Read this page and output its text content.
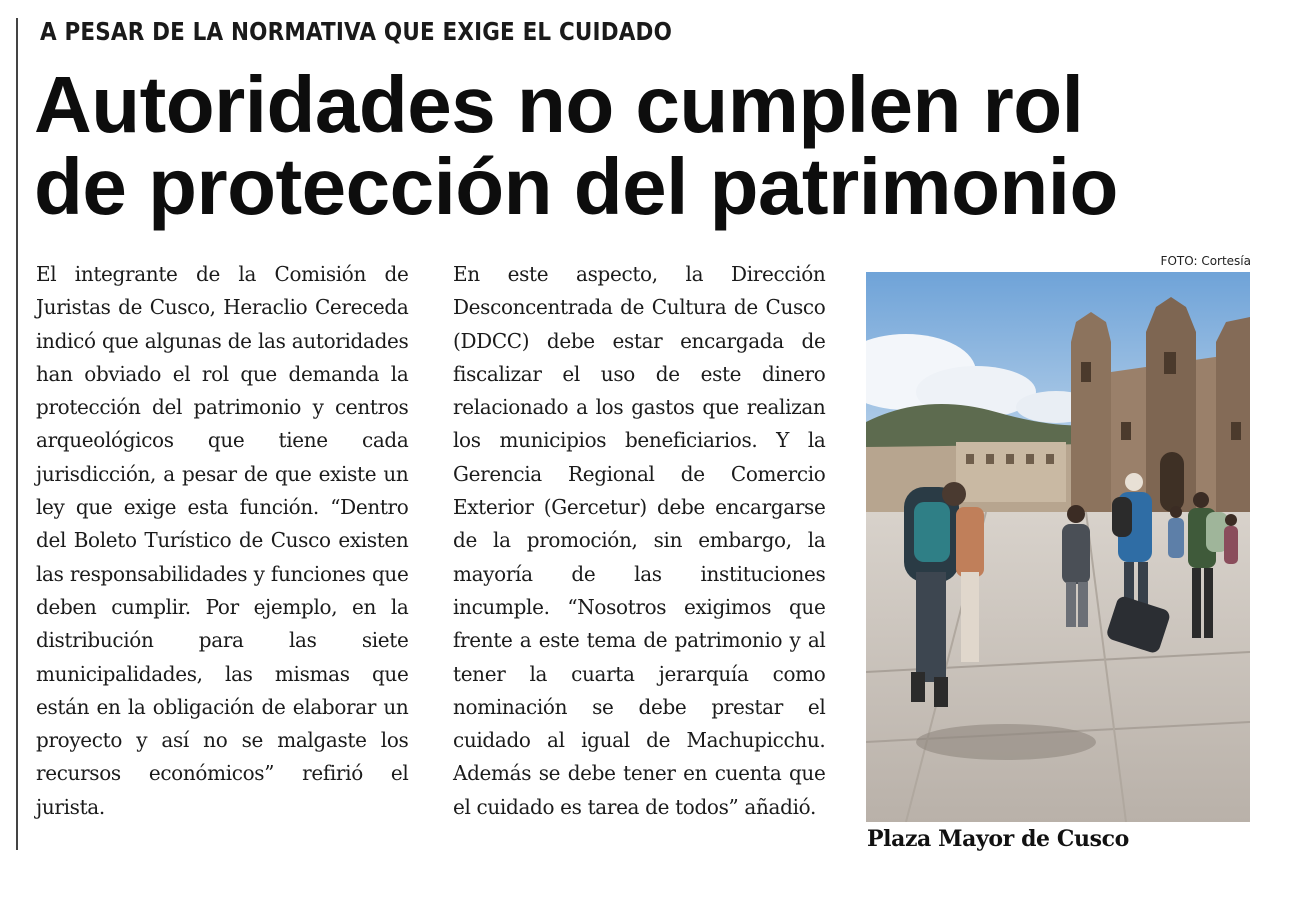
A PESAR DE LA NORMATIVA QUE EXIGE EL CUIDADO
Autoridades no cumplen rol
de protección del patrimonio

El integrante de la Comisión de Juristas de Cusco, Heraclio Cereceda indicó que algunas de las autoridades han obviado el rol que demanda la protección del patrimonio y centros arqueológicos que tiene cada jurisdicción, a pesar de que existe un ley que exige esta función. “Dentro del Boleto Turístico de Cusco existen las responsabilidades y funciones que deben cumplir. Por ejemplo, en la distribución para las siete municipalidades, las mismas que están en la obligación de elaborar un proyecto y así no se malgaste los recursos económicos” refirió el jurista.

En este aspecto, la Dirección Desconcentrada de Cultura de Cusco (DDCC) debe estar encargada de fiscalizar el uso de este dinero relacionado a los gastos que realizan los municipios beneficiarios. Y la Gerencia Regional de Comercio Exterior (Gercetur) debe encargarse de la promoción, sin embargo, la mayoría de las instituciones incumple. “Nosotros exigimos que frente a este tema de patrimonio y al tener la cuarta jerarquía como nominación se debe prestar el cuidado al igual de Machupicchu. Además se debe tener en cuenta que el cuidado es tarea de todos” añadió.

FOTO: Cortesía
Plaza Mayor de Cusco
